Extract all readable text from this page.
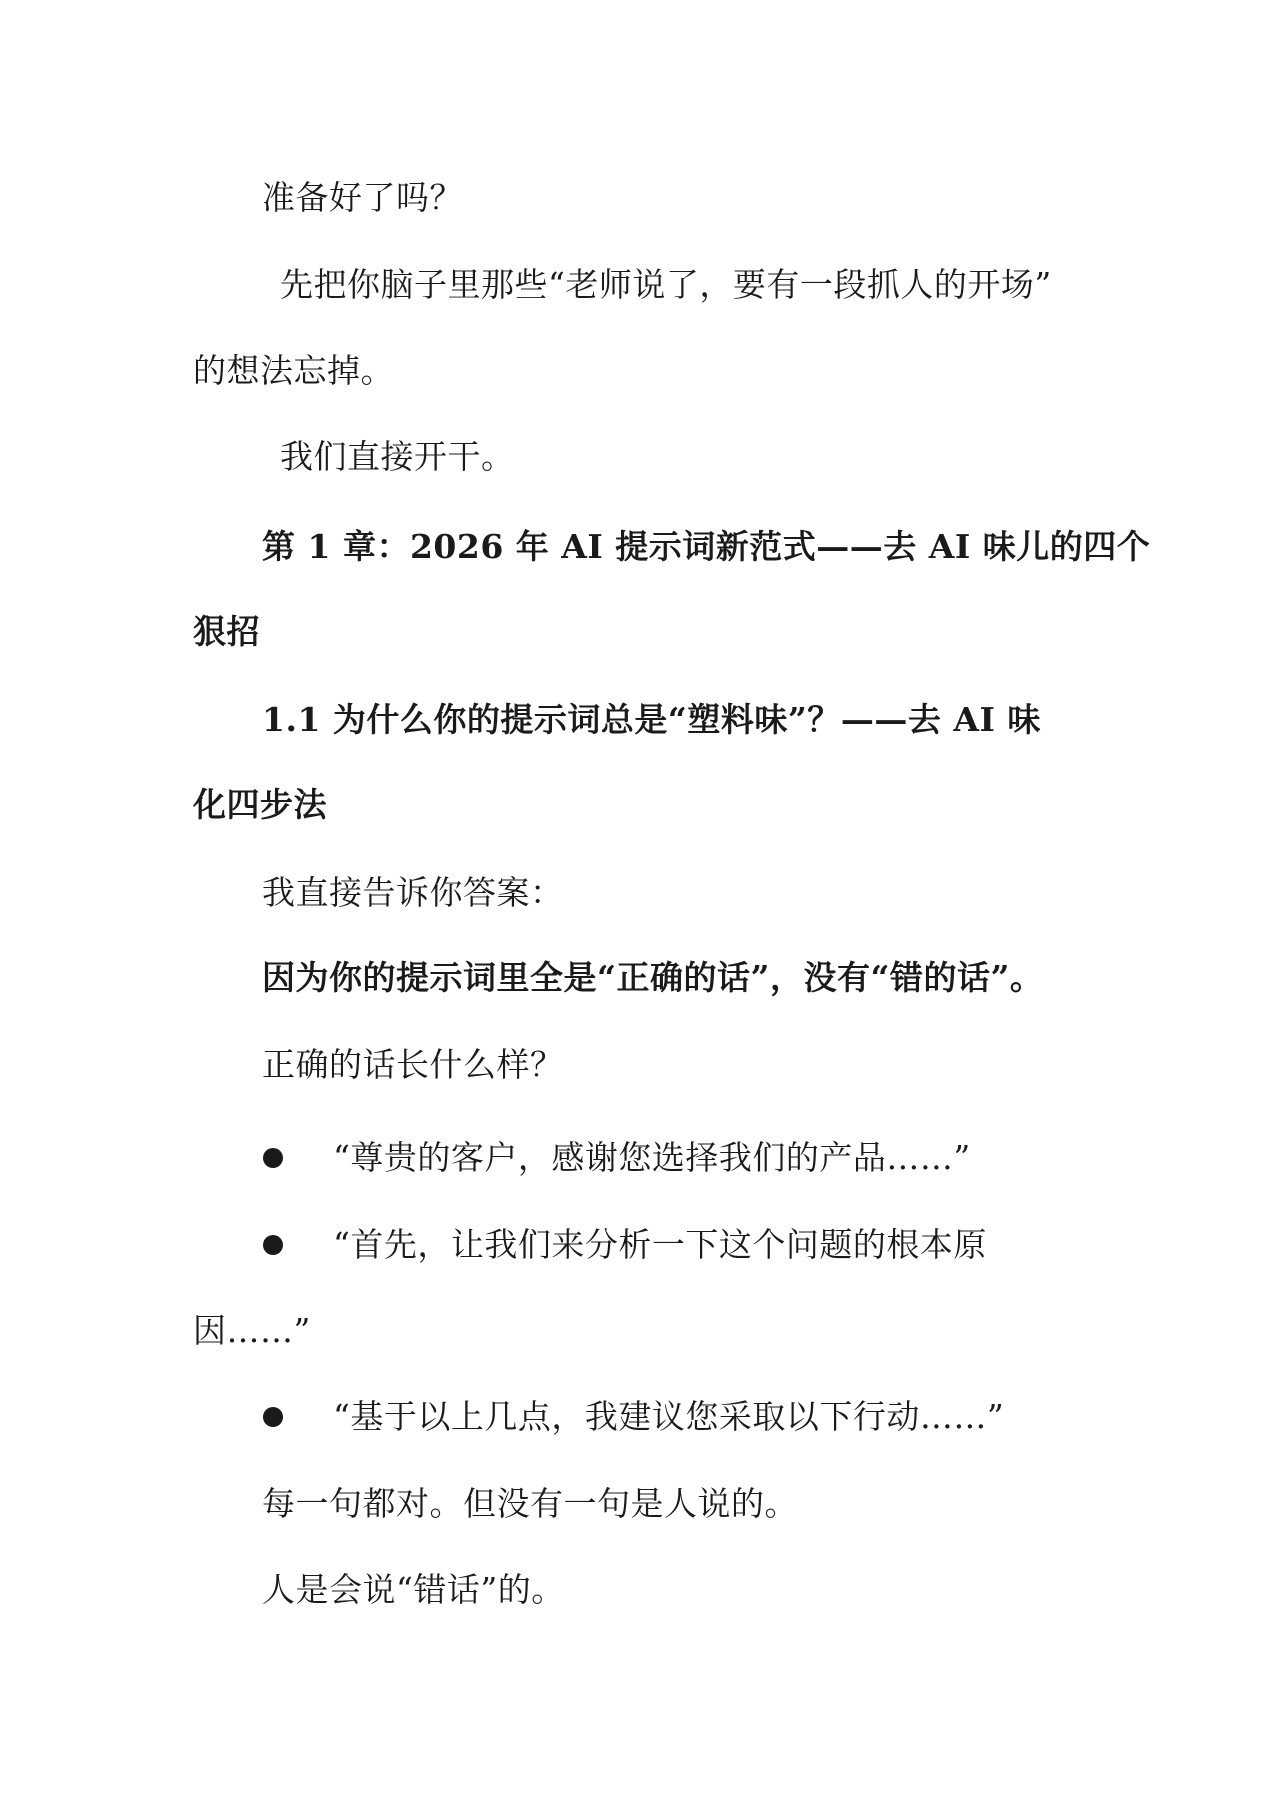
准备好了吗？
先把你脑子里那些“老师说了，要有一段抓人的开场”
的想法忘掉。
我们直接开干。
第 1 章：2026 年 AI 提示词新范式——去 AI 味儿的四个
狠招
1.1 为什么你的提示词总是“塑料味”？——去 AI 味
化四步法
我直接告诉你答案：
因为你的提示词里全是“正确的话”，没有“错的话”。
正确的话长什么样？
“尊贵的客户，感谢您选择我们的产品……”
“首先，让我们来分析一下这个问题的根本原
因……”
“基于以上几点，我建议您采取以下行动……”
每一句都对。但没有一句是人说的。
人是会说“错话”的。
